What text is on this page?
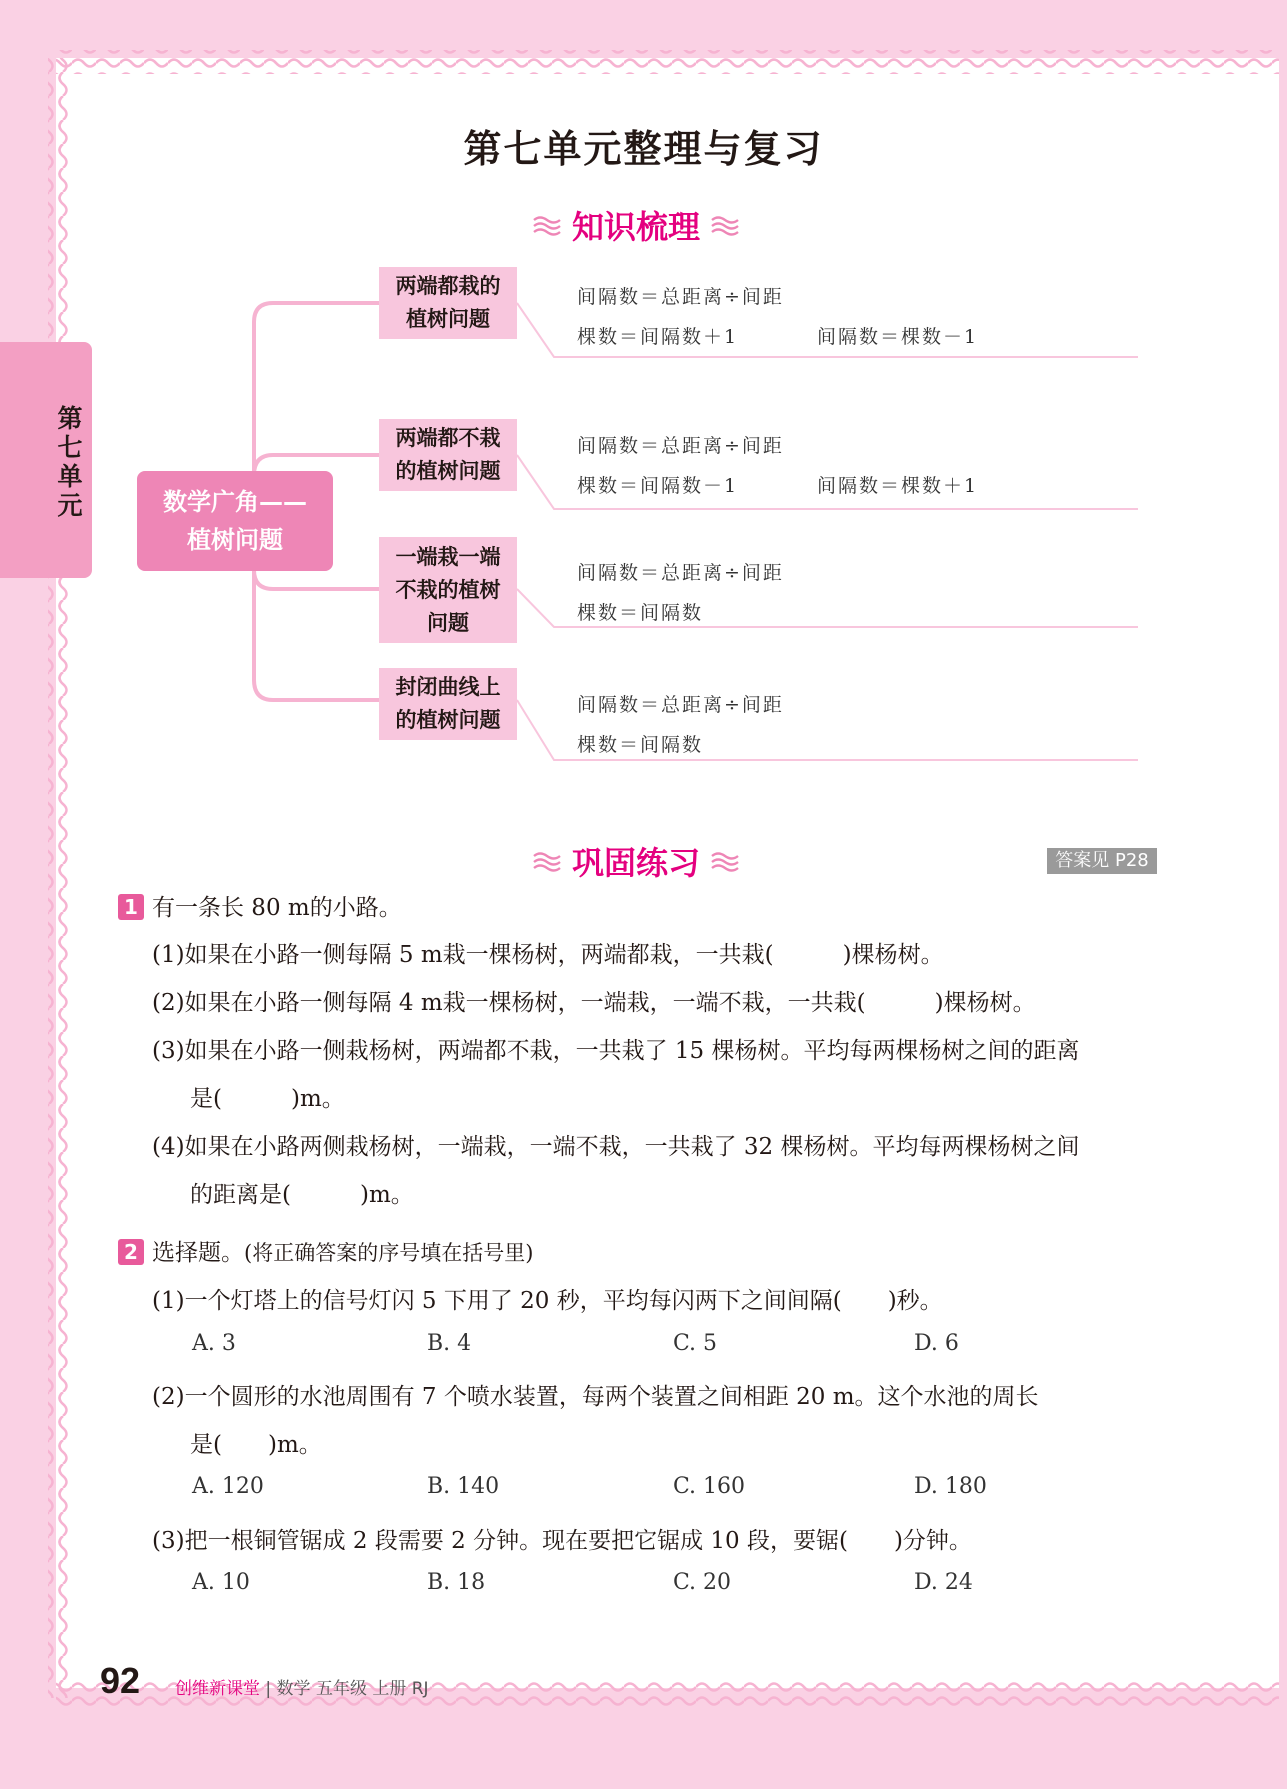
第七单元
第七单元整理与复习
知识梳理
数学广角——
植树问题
两端都栽的
植树问题
间隔数＝总距离÷间距
棵数＝间隔数＋1	间隔数＝棵数－1
两端都不栽
的植树问题
间隔数＝总距离÷间距
棵数＝间隔数－1	间隔数＝棵数＋1
一端栽一端
不栽的植树
问题
间隔数＝总距离÷间距
棵数＝间隔数
封闭曲线上
的植树问题
间隔数＝总距离÷间距
棵数＝间隔数
巩固练习	答案见 P28
1 有一条长 80 m的小路。
(1)如果在小路一侧每隔 5 m栽一棵杨树，两端都栽，一共栽(　　　)棵杨树。
(2)如果在小路一侧每隔 4 m栽一棵杨树，一端栽，一端不栽，一共栽(　　　)棵杨树。
(3)如果在小路一侧栽杨树，两端都不栽，一共栽了 15 棵杨树。平均每两棵杨树之间的距离
是(　　　)m。
(4)如果在小路两侧栽杨树，一端栽，一端不栽，一共栽了 32 棵杨树。平均每两棵杨树之间
的距离是(　　　)m。
2 选择题。(将正确答案的序号填在括号里)
(1)一个灯塔上的信号灯闪 5 下用了 20 秒，平均每闪两下之间间隔(　　)秒。
A. 3	B. 4	C. 5	D. 6
(2)一个圆形的水池周围有 7 个喷水装置，每两个装置之间相距 20 m。这个水池的周长
是(　　)m。
A. 120	B. 140	C. 160	D. 180
(3)把一根铜管锯成 2 段需要 2 分钟。现在要把它锯成 10 段，要锯(　　)分钟。
A. 10	B. 18	C. 20	D. 24
92 创维新课堂 | 数学 五年级 上册 RJ
